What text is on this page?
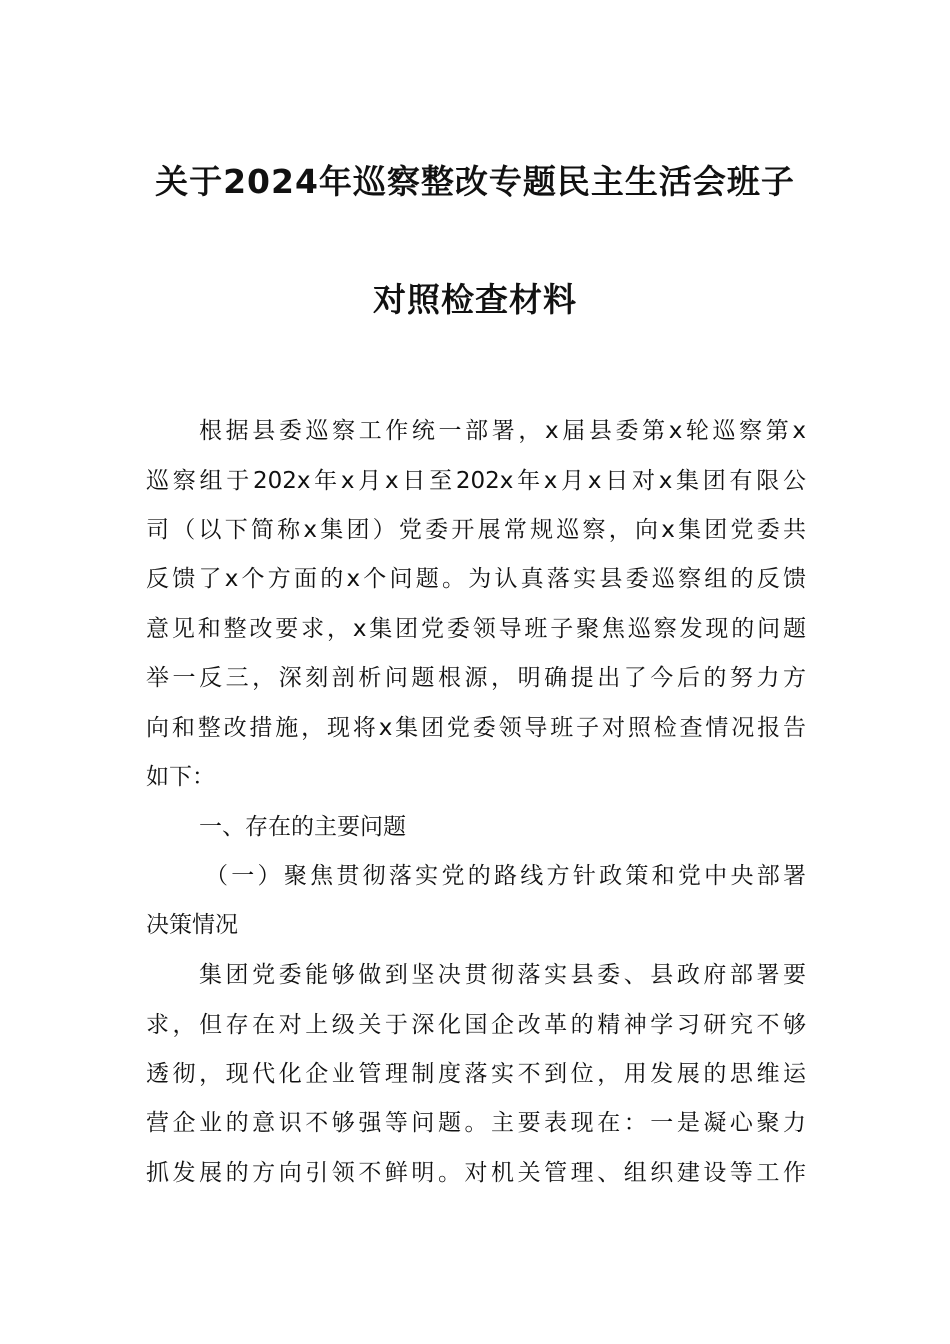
关于2024年巡察整改专题民主生活会班子
对照检查材料
根据县委巡察工作统一部署，x届县委第x轮巡察第x
巡察组于202x年x月x日至202x年x月x日对x集团有限公
司（以下简称x集团）党委开展常规巡察，向x集团党委共
反馈了x个方面的x个问题。为认真落实县委巡察组的反馈
意见和整改要求，x集团党委领导班子聚焦巡察发现的问题
举一反三，深刻剖析问题根源，明确提出了今后的努力方
向和整改措施，现将x集团党委领导班子对照检查情况报告
如下：
一、存在的主要问题
（一）聚焦贯彻落实党的路线方针政策和党中央部署
决策情况
集团党委能够做到坚决贯彻落实县委、县政府部署要
求，但存在对上级关于深化国企改革的精神学习研究不够
透彻，现代化企业管理制度落实不到位，用发展的思维运
营企业的意识不够强等问题。主要表现在：一是凝心聚力
抓发展的方向引领不鲜明。对机关管理、组织建设等工作
